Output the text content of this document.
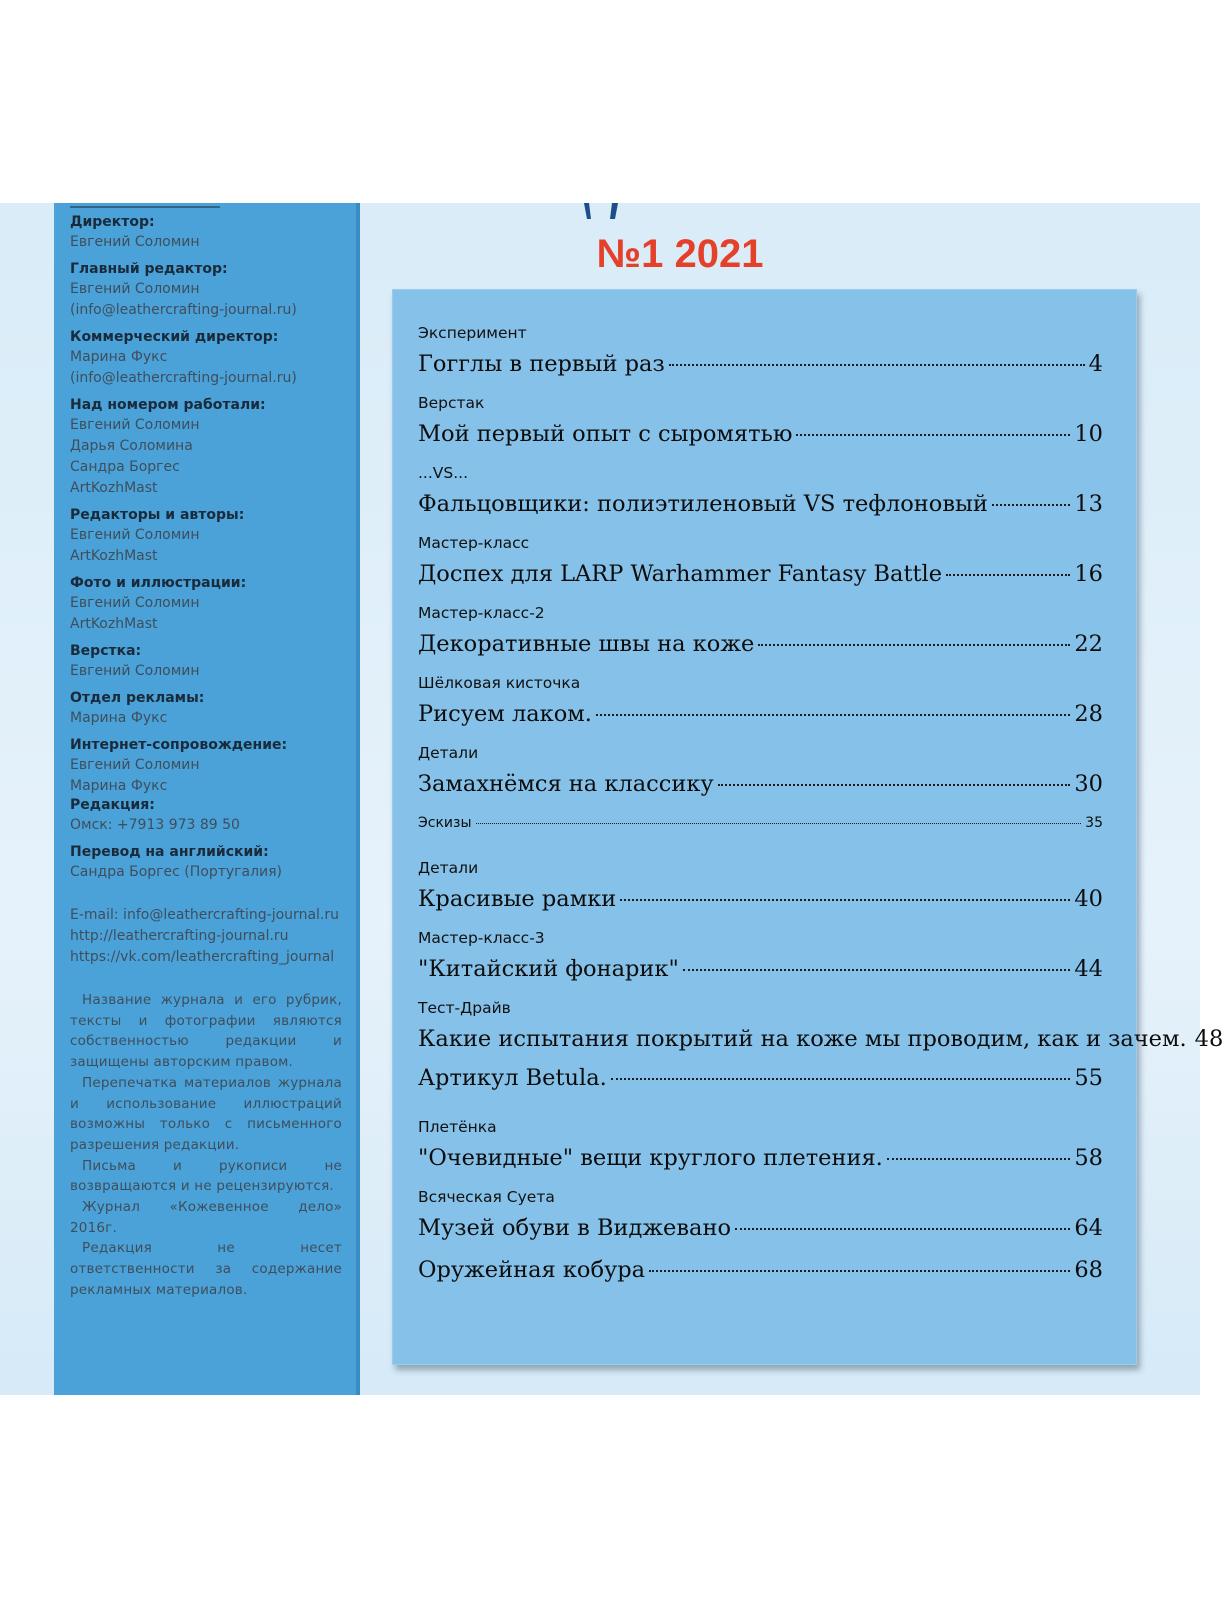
Директор:
Евгений Соломин
Главный редактор:
Евгений Соломин
(info@leathercrafting-journal.ru)
Коммерческий директор:
Марина Фукс
(info@leathercrafting-journal.ru)
Над номером работали:
Евгений Соломин
Дарья Соломина
Сандра Боргес
ArtKozhMast
Редакторы и авторы:
Евгений Соломин
ArtKozhMast
Фото и иллюстрации:
Евгений Соломин
ArtKozhMast
Верстка:
Евгений Соломин
Отдел рекламы:
Марина Фукс
Интернет-сопровождение:
Евгений Соломин
Марина Фукс
Редакция:
Омск: +7913 973 89 50
Перевод на английский:
Сандра Боргес (Португалия)
E-mail: info@leathercrafting-journal.ru
http://leathercrafting-journal.ru
https://vk.com/leathercrafting_journal

Название журнала и его рубрик, тексты и фотографии являются собственностью редакции и защищены авторским правом.

Перепечатка материалов журнала и использование иллюстраций возможны только с письменного разрешения редакции.

Письма и рукописи не возвращаются и не рецензируются.

Журнал «Кожевенное дело» 2016г.

Редакция не несет ответственности за содержание рекламных материалов.

№1 2021
Эксперимент
Гогглы в первый раз	4
Верстак
Мой первый опыт с сыромятью	10
...VS...
Фальцовщики: полиэтиленовый VS тефлоновый	13
Мастер-класс
Доспех для LARP Warhammer Fantasy Battle	16
Мастер-класс-2
Декоративные швы на коже	22
Шёлковая кисточка
Рисуем лаком.	28
Детали
Замахнёмся на классику	30
Эскизы	35
Детали
Красивые рамки	40
Мастер-класс-3
"Китайский фонарик"	44
Тест-Драйв
Какие испытания покрытий на коже мы проводим, как и зачем. 48
Артикул Betula.	55
Плетёнка
"Очевидные" вещи круглого плетения.	58
Всяческая Суета
Музей обуви в Виджевано	64
Оружейная кобура	68
